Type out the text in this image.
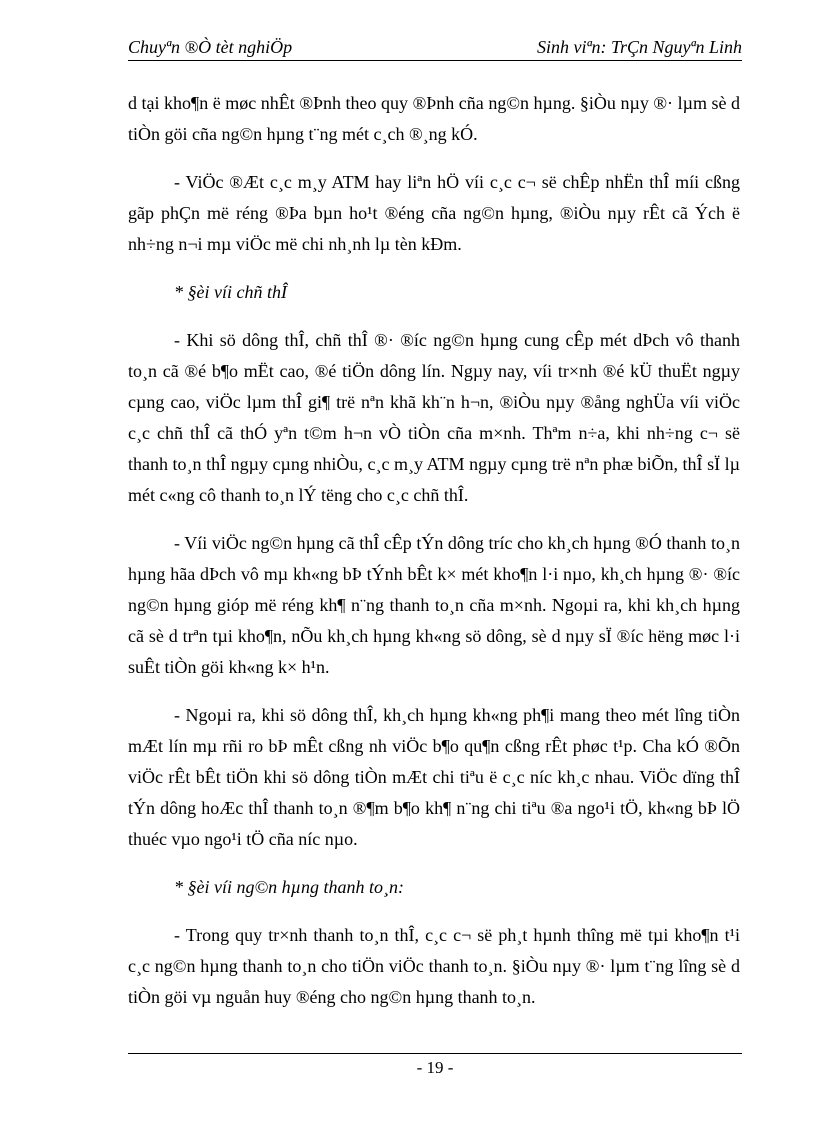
Chuyªn ®Ò tèt nghiÖp	Sinh viªn: TrÇn Nguyªn Linh

d tại kho¶n ë møc nhÊt ®Þnh theo quy ®Þnh cña ng©n hµng. §iÒu nµy ®· lµm sè d tiÒn göi cña ng©n hµng t¨ng mét c¸ch ®¸ng kÓ.

- ViÖc ®Æt c¸c m¸y ATM hay liªn hÖ víi c¸c c¬ së chÊp nhËn thÎ míi cßng gãp phÇn më réng ®Þa bµn ho¹t ®éng cña ng©n hµng, ®iÒu nµy rÊt cã Ých ë nh÷ng n¬i mµ viÖc më chi nh¸nh lµ tèn kÐm.

* §èi víi chñ thÎ

- Khi sö dông thÎ, chñ thÎ ®· ®íc ng©n hµng cung cÊp mét dÞch vô thanh to¸n cã ®é b¶o mËt cao, ®é tiÖn dông lín. Ngµy nay, víi tr×nh ®é kÜ thuËt ngµy cµng cao, viÖc lµm thÎ gi¶ trë nªn khã kh¨n h¬n, ®iÒu nµy ®ång nghÜa víi viÖc c¸c chñ thÎ cã thÓ yªn t©m h¬n vÒ tiÒn cña m×nh. Thªm n÷a, khi nh÷ng c¬ së thanh to¸n thÎ ngµy cµng nhiÒu, c¸c m¸y ATM ngµy cµng trë nªn phæ biÕn, thÎ sÏ lµ mét c«ng cô thanh to¸n lÝ tëng cho c¸c chñ thÎ.

- Víi viÖc ng©n hµng cã thÎ cÊp tÝn dông tríc cho kh¸ch hµng ®Ó thanh to¸n hµng hãa dÞch vô mµ kh«ng bÞ tÝnh bÊt k× mét kho¶n l·i nµo, kh¸ch hµng ®· ®íc ng©n hµng gióp më réng kh¶ n¨ng thanh to¸n cña m×nh. Ngoµi ra, khi kh¸ch hµng cã sè d trªn tµi kho¶n, nÕu kh¸ch hµng kh«ng sö dông, sè d nµy sÏ ®íc hëng møc l·i suÊt tiÒn göi kh«ng k× h¹n.

- Ngoµi ra, khi sö dông thÎ, kh¸ch hµng kh«ng ph¶i mang theo mét lîng tiÒn mÆt lín mµ rñi ro bÞ mÊt cßng nh viÖc b¶o qu¶n cßng rÊt phøc t¹p. Cha kÓ ®Õn viÖc rÊt bÊt tiÖn khi sö dông tiÒn mÆt chi tiªu ë c¸c níc kh¸c nhau. ViÖc dïng thÎ tÝn dông hoÆc thÎ thanh to¸n ®¶m b¶o kh¶ n¨ng chi tiªu ®a ngo¹i tÖ, kh«ng bÞ lÖ thuéc vµo ngo¹i tÖ cña níc nµo.

* §èi víi ng©n hµng thanh to¸n:

- Trong quy tr×nh thanh to¸n thÎ, c¸c c¬ së ph¸t hµnh thîng më tµi kho¶n t¹i c¸c ng©n hµng thanh to¸n cho tiÖn viÖc thanh to¸n. §iÒu nµy ®· lµm t¨ng lîng sè d tiÒn göi vµ nguån huy ®éng cho ng©n hµng thanh to¸n.

- 19 -
